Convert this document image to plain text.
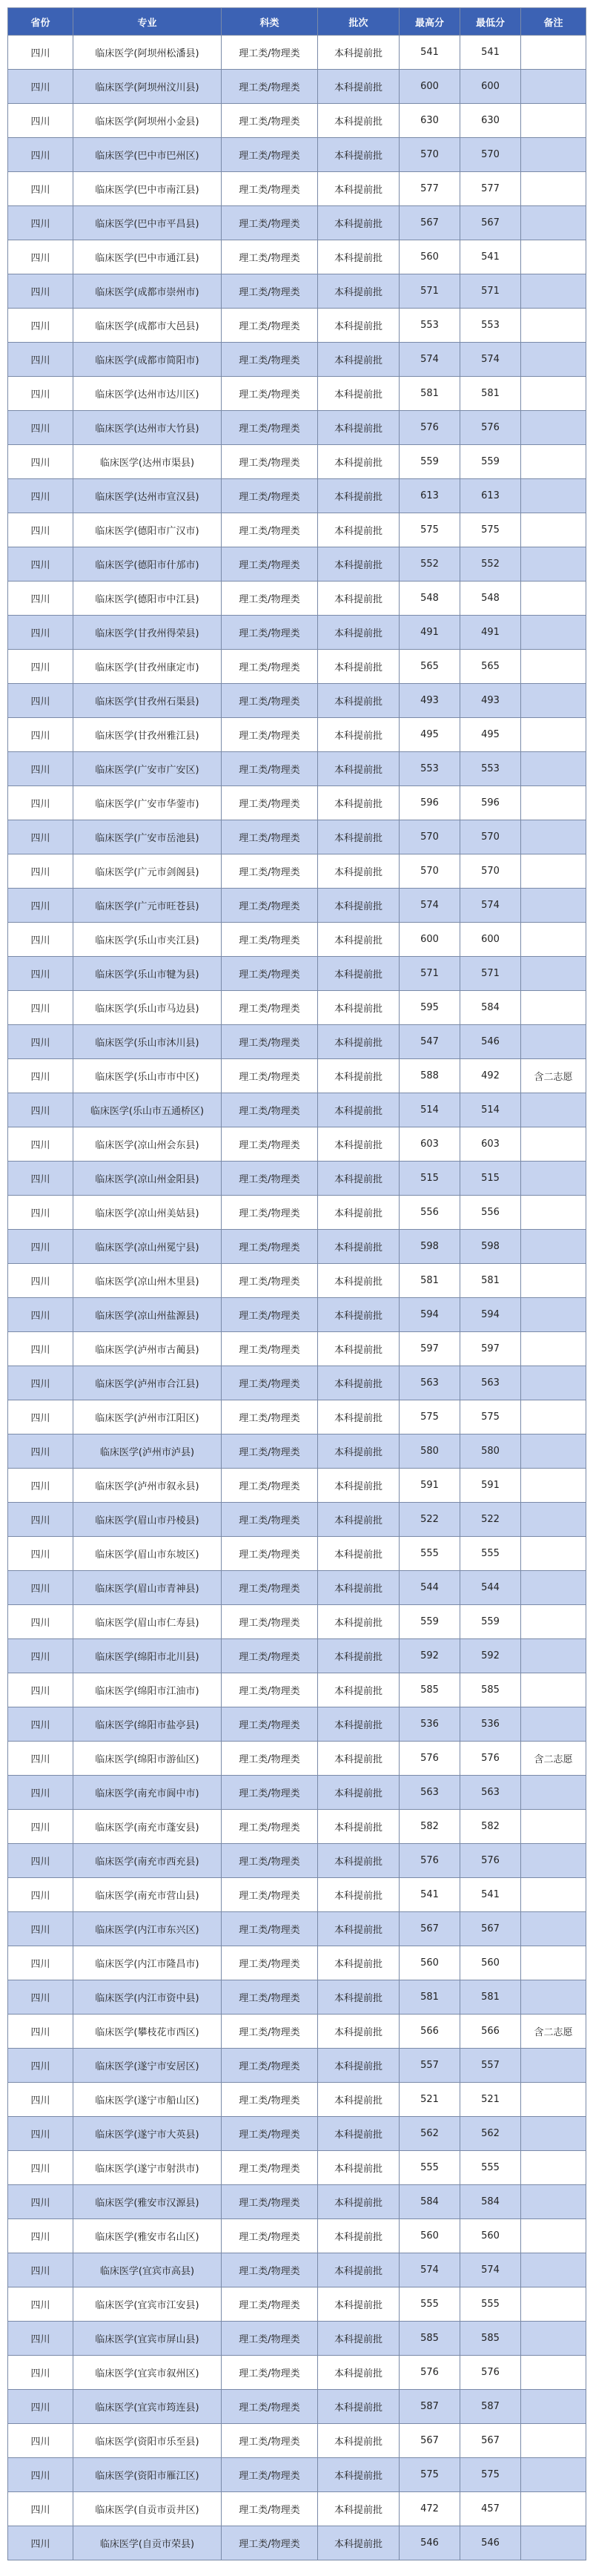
省份	专业	科类	批次	最高分	最低分	备注
四川	临床医学(阿坝州松潘县)	理工类/物理类	本科提前批	541	541	
四川	临床医学(阿坝州汶川县)	理工类/物理类	本科提前批	600	600	
四川	临床医学(阿坝州小金县)	理工类/物理类	本科提前批	630	630	
四川	临床医学(巴中市巴州区)	理工类/物理类	本科提前批	570	570	
四川	临床医学(巴中市南江县)	理工类/物理类	本科提前批	577	577	
四川	临床医学(巴中市平昌县)	理工类/物理类	本科提前批	567	567	
四川	临床医学(巴中市通江县)	理工类/物理类	本科提前批	560	541	
四川	临床医学(成都市崇州市)	理工类/物理类	本科提前批	571	571	
四川	临床医学(成都市大邑县)	理工类/物理类	本科提前批	553	553	
四川	临床医学(成都市简阳市)	理工类/物理类	本科提前批	574	574	
四川	临床医学(达州市达川区)	理工类/物理类	本科提前批	581	581	
四川	临床医学(达州市大竹县)	理工类/物理类	本科提前批	576	576	
四川	临床医学(达州市渠县)	理工类/物理类	本科提前批	559	559	
四川	临床医学(达州市宣汉县)	理工类/物理类	本科提前批	613	613	
四川	临床医学(德阳市广汉市)	理工类/物理类	本科提前批	575	575	
四川	临床医学(德阳市什邡市)	理工类/物理类	本科提前批	552	552	
四川	临床医学(德阳市中江县)	理工类/物理类	本科提前批	548	548	
四川	临床医学(甘孜州得荣县)	理工类/物理类	本科提前批	491	491	
四川	临床医学(甘孜州康定市)	理工类/物理类	本科提前批	565	565	
四川	临床医学(甘孜州石渠县)	理工类/物理类	本科提前批	493	493	
四川	临床医学(甘孜州雅江县)	理工类/物理类	本科提前批	495	495	
四川	临床医学(广安市广安区)	理工类/物理类	本科提前批	553	553	
四川	临床医学(广安市华蓥市)	理工类/物理类	本科提前批	596	596	
四川	临床医学(广安市岳池县)	理工类/物理类	本科提前批	570	570	
四川	临床医学(广元市剑阁县)	理工类/物理类	本科提前批	570	570	
四川	临床医学(广元市旺苍县)	理工类/物理类	本科提前批	574	574	
四川	临床医学(乐山市夹江县)	理工类/物理类	本科提前批	600	600	
四川	临床医学(乐山市犍为县)	理工类/物理类	本科提前批	571	571	
四川	临床医学(乐山市马边县)	理工类/物理类	本科提前批	595	584	
四川	临床医学(乐山市沐川县)	理工类/物理类	本科提前批	547	546	
四川	临床医学(乐山市市中区)	理工类/物理类	本科提前批	588	492	含二志愿
四川	临床医学(乐山市五通桥区)	理工类/物理类	本科提前批	514	514	
四川	临床医学(凉山州会东县)	理工类/物理类	本科提前批	603	603	
四川	临床医学(凉山州金阳县)	理工类/物理类	本科提前批	515	515	
四川	临床医学(凉山州美姑县)	理工类/物理类	本科提前批	556	556	
四川	临床医学(凉山州冕宁县)	理工类/物理类	本科提前批	598	598	
四川	临床医学(凉山州木里县)	理工类/物理类	本科提前批	581	581	
四川	临床医学(凉山州盐源县)	理工类/物理类	本科提前批	594	594	
四川	临床医学(泸州市古蔺县)	理工类/物理类	本科提前批	597	597	
四川	临床医学(泸州市合江县)	理工类/物理类	本科提前批	563	563	
四川	临床医学(泸州市江阳区)	理工类/物理类	本科提前批	575	575	
四川	临床医学(泸州市泸县)	理工类/物理类	本科提前批	580	580	
四川	临床医学(泸州市叙永县)	理工类/物理类	本科提前批	591	591	
四川	临床医学(眉山市丹棱县)	理工类/物理类	本科提前批	522	522	
四川	临床医学(眉山市东坡区)	理工类/物理类	本科提前批	555	555	
四川	临床医学(眉山市青神县)	理工类/物理类	本科提前批	544	544	
四川	临床医学(眉山市仁寿县)	理工类/物理类	本科提前批	559	559	
四川	临床医学(绵阳市北川县)	理工类/物理类	本科提前批	592	592	
四川	临床医学(绵阳市江油市)	理工类/物理类	本科提前批	585	585	
四川	临床医学(绵阳市盐亭县)	理工类/物理类	本科提前批	536	536	
四川	临床医学(绵阳市游仙区)	理工类/物理类	本科提前批	576	576	含二志愿
四川	临床医学(南充市阆中市)	理工类/物理类	本科提前批	563	563	
四川	临床医学(南充市蓬安县)	理工类/物理类	本科提前批	582	582	
四川	临床医学(南充市西充县)	理工类/物理类	本科提前批	576	576	
四川	临床医学(南充市营山县)	理工类/物理类	本科提前批	541	541	
四川	临床医学(内江市东兴区)	理工类/物理类	本科提前批	567	567	
四川	临床医学(内江市隆昌市)	理工类/物理类	本科提前批	560	560	
四川	临床医学(内江市资中县)	理工类/物理类	本科提前批	581	581	
四川	临床医学(攀枝花市西区)	理工类/物理类	本科提前批	566	566	含二志愿
四川	临床医学(遂宁市安居区)	理工类/物理类	本科提前批	557	557	
四川	临床医学(遂宁市船山区)	理工类/物理类	本科提前批	521	521	
四川	临床医学(遂宁市大英县)	理工类/物理类	本科提前批	562	562	
四川	临床医学(遂宁市射洪市)	理工类/物理类	本科提前批	555	555	
四川	临床医学(雅安市汉源县)	理工类/物理类	本科提前批	584	584	
四川	临床医学(雅安市名山区)	理工类/物理类	本科提前批	560	560	
四川	临床医学(宜宾市高县)	理工类/物理类	本科提前批	574	574	
四川	临床医学(宜宾市江安县)	理工类/物理类	本科提前批	555	555	
四川	临床医学(宜宾市屏山县)	理工类/物理类	本科提前批	585	585	
四川	临床医学(宜宾市叙州区)	理工类/物理类	本科提前批	576	576	
四川	临床医学(宜宾市筠连县)	理工类/物理类	本科提前批	587	587	
四川	临床医学(资阳市乐至县)	理工类/物理类	本科提前批	567	567	
四川	临床医学(资阳市雁江区)	理工类/物理类	本科提前批	575	575	
四川	临床医学(自贡市贡井区)	理工类/物理类	本科提前批	472	457	
四川	临床医学(自贡市荣县)	理工类/物理类	本科提前批	546	546	
